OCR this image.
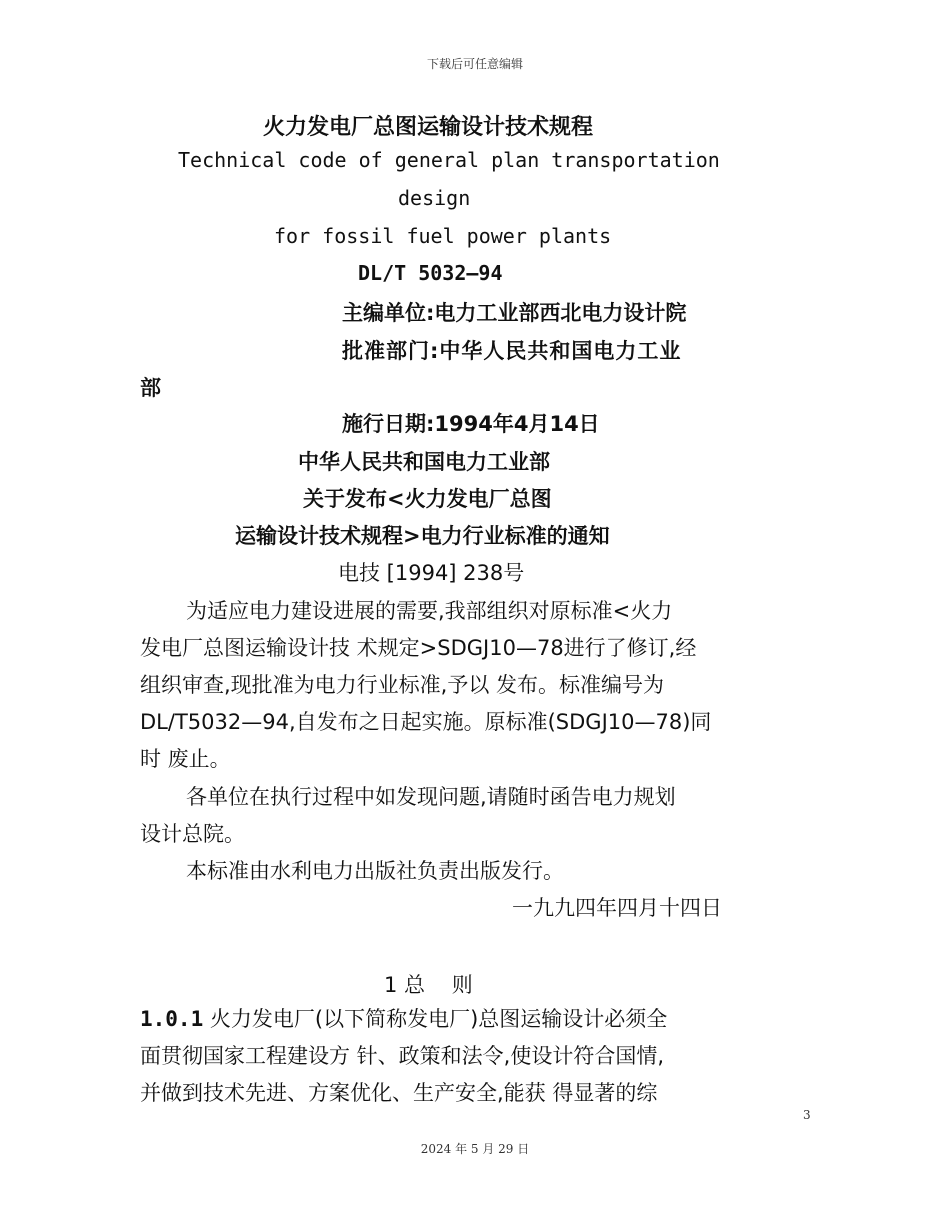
下载后可任意编辑
火力发电厂总图运输设计技术规程
Technical code of general plan transportation
design
for fossil fuel power plants
DL/T 5032—94
主编单位:电力工业部西北电力设计院
批准部门:中华人民共和国电力工业
部
施行日期:1994年4月14日
中华人民共和国电力工业部
关于发布<火力发电厂总图
运输设计技术规程>电力行业标准的通知
电技 [1994] 238号
为适应电力建设进展的需要,我部组织对原标准<火力
发电厂总图运输设计技 术规定>SDGJ10—78进行了修订,经
组织审查,现批准为电力行业标准,予以 发布。标准编号为
DL/T5032—94,自发布之日起实施。原标准(SDGJ10—78)同
时 废止。
各单位在执行过程中如发现问题,请随时函告电力规划
设计总院。
本标准由水利电力出版社负责出版发行。
一九九四年四月十四日
1 总    则
1.0.1 火力发电厂(以下简称发电厂)总图运输设计必须全
面贯彻国家工程建设方 针、政策和法令,使设计符合国情,
并做到技术先进、方案优化、生产安全,能获 得显著的综
3
2024 年 5 月 29 日
